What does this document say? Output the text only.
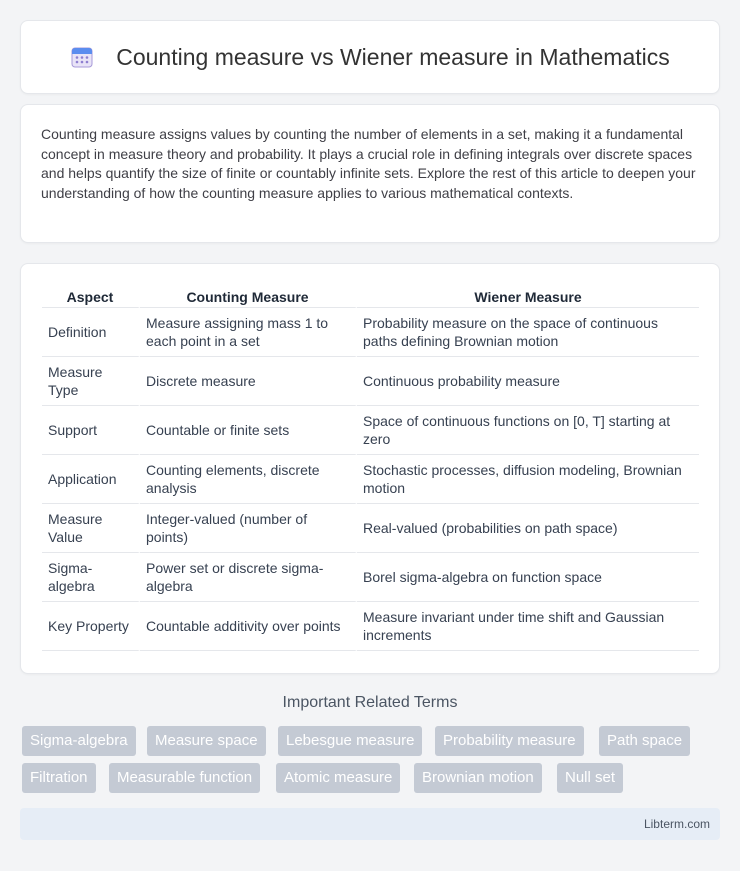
Counting measure vs Wiener measure in Mathematics

Counting measure assigns values by counting the number of elements in a set, making it a fundamental concept in measure theory and probability. It plays a crucial role in defining integrals over discrete spaces and helps quantify the size of finite or countably infinite sets. Explore the rest of this article to deepen your understanding of how the counting measure applies to various mathematical contexts.

Aspect	Counting Measure	Wiener Measure
Definition	Measure assigning mass 1 to each point in a set	Probability measure on the space of continuous paths defining Brownian motion
Measure Type	Discrete measure	Continuous probability measure
Support	Countable or finite sets	Space of continuous functions on [0, T] starting at zero
Application	Counting elements, discrete analysis	Stochastic processes, diffusion modeling, Brownian motion
Measure Value	Integer-valued (number of points)	Real-valued (probabilities on path space)
Sigma-algebra	Power set or discrete sigma-algebra	Borel sigma-algebra on function space
Key Property	Countable additivity over points	Measure invariant under time shift and Gaussian increments
Important Related Terms
Sigma-algebra	Measure space	Lebesgue measure	Probability measure	Path space
Filtration	Measurable function	Atomic measure	Brownian motion	Null set
Libterm.com
